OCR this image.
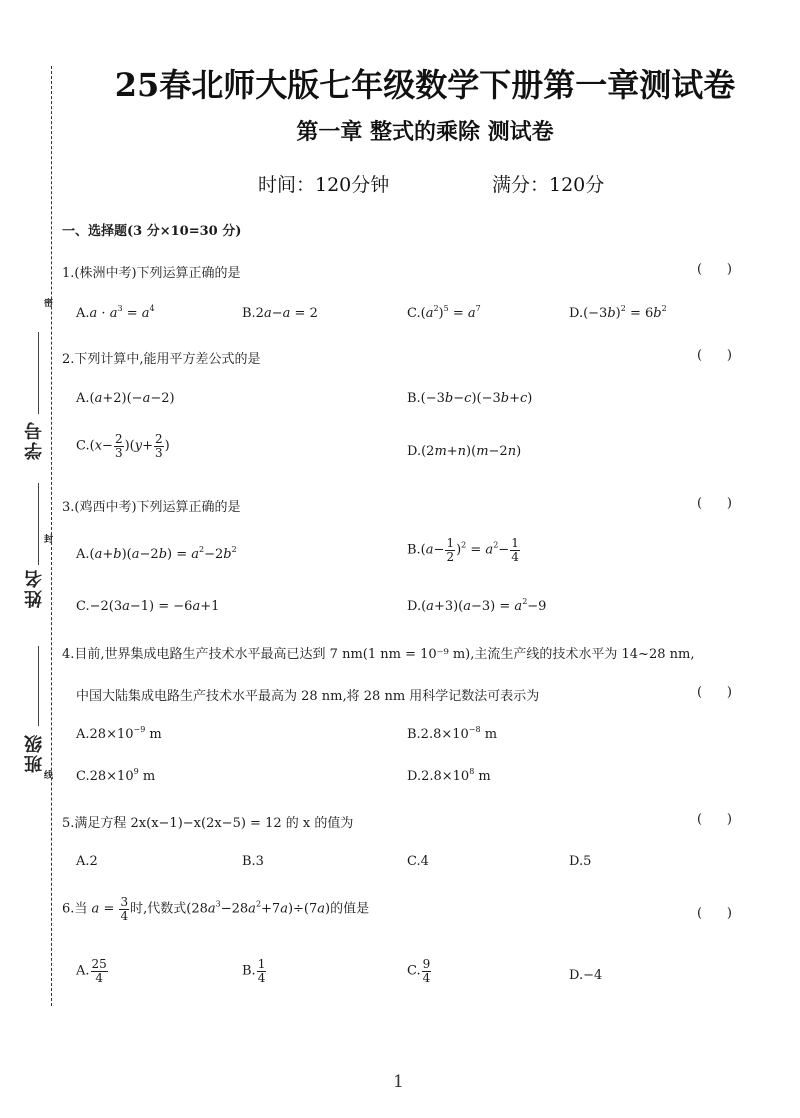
密
封
线
学号
姓名
班级
25春北师大版七年级数学下册第一章测试卷
第一章 整式的乘除 测试卷
时间：120分钟	满分：120分
一、选择题(3 分×10=30 分)
1.(株洲中考)下列运算正确的是	(      )
$A.a \cdot a^3 = a^4$	B.2a−a = 2	$C.(a^2)^5 = a^7$	$D.(-3b)^2 = 6b^2$
2.下列计算中,能用平方差公式的是	(      )
A.(a+2)(−a−2)	B.(−3b−c)(−3b+c)
$C.(x- \frac{2}{3} )(y+ \frac{2}{3}$ )	D.(2m+n)(m−2n)
3.(鸡西中考)下列运算正确的是	(      )
$A.(a+b)(a-2b) = a^2-2b^2$	$B.(a- \frac{1}{2} )^2 = a^2- \frac{1}{4}$
C.−2(3a−1) = −6a+1	$D.(a+3)(a-3) = a^2-9$
4.目前,世界集成电路生产技术水平最高已达到 7 nm(1 nm = 10⁻⁹ m),主流生产线的技术水平为 14~28 nm,
中国大陆集成电路生产技术水平最高为 28 nm,将 28 nm 用科学记数法可表示为	(      )
$A.28\times 10^{-9}$ m	$B.2.8\times 10^{-8}$ m
$C.28\times 10^9$ m	$D.2.8\times 10^8$ m
5.满足方程 2x(x−1)−x(2x−5) = 12 的 x 的值为	(      )
A.2	B.3	C.4	D.5
6.当 $a = \frac{3}{4}$ 时,代数式$(28a^3-28a^2+7a)\div(7a)$的值是	(      )
A. $\frac{25}{4}$	B. $\frac{1}{4}$	C. $\frac{9}{4}$	D.−4
1
